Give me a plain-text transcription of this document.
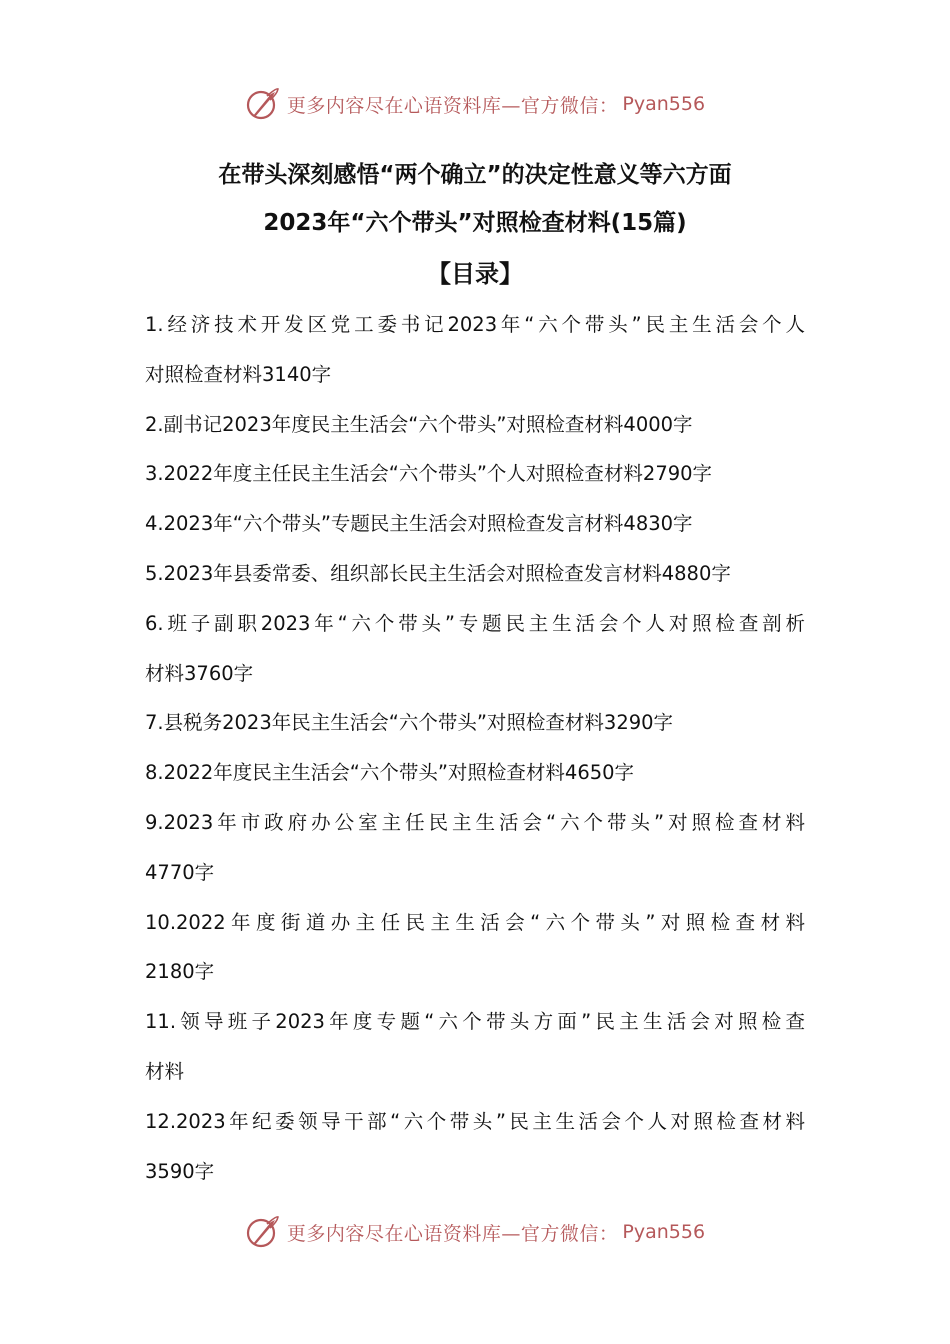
更多内容尽在心语资料库—官方微信： Pyan556
在带头深刻感悟“两个确立”的决定性意义等六方面
2023年“六个带头”对照检查材料(15篇)
【目录】
1.经济技术开发区党工委书记2023年“六个带头”民主生活会个人
对照检查材料3140字
2.副书记2023年度民主生活会“六个带头”对照检查材料4000字
3.2022年度主任民主生活会“六个带头”个人对照检查材料2790字
4.2023年“六个带头”专题民主生活会对照检查发言材料4830字
5.2023年县委常委、组织部长民主生活会对照检查发言材料4880字
6.班子副职2023年“六个带头”专题民主生活会个人对照检查剖析
材料3760字
7.县税务2023年民主生活会“六个带头”对照检查材料3290字
8.2022年度民主生活会“六个带头”对照检查材料4650字
9.2023年市政府办公室主任民主生活会“六个带头”对照检查材料
4770字
10.2022年度街道办主任民主生活会“六个带头”对照检查材料
2180字
11.领导班子2023年度专题“六个带头方面”民主生活会对照检查
材料
12.2023年纪委领导干部“六个带头”民主生活会个人对照检查材料
3590字
更多内容尽在心语资料库—官方微信： Pyan556
